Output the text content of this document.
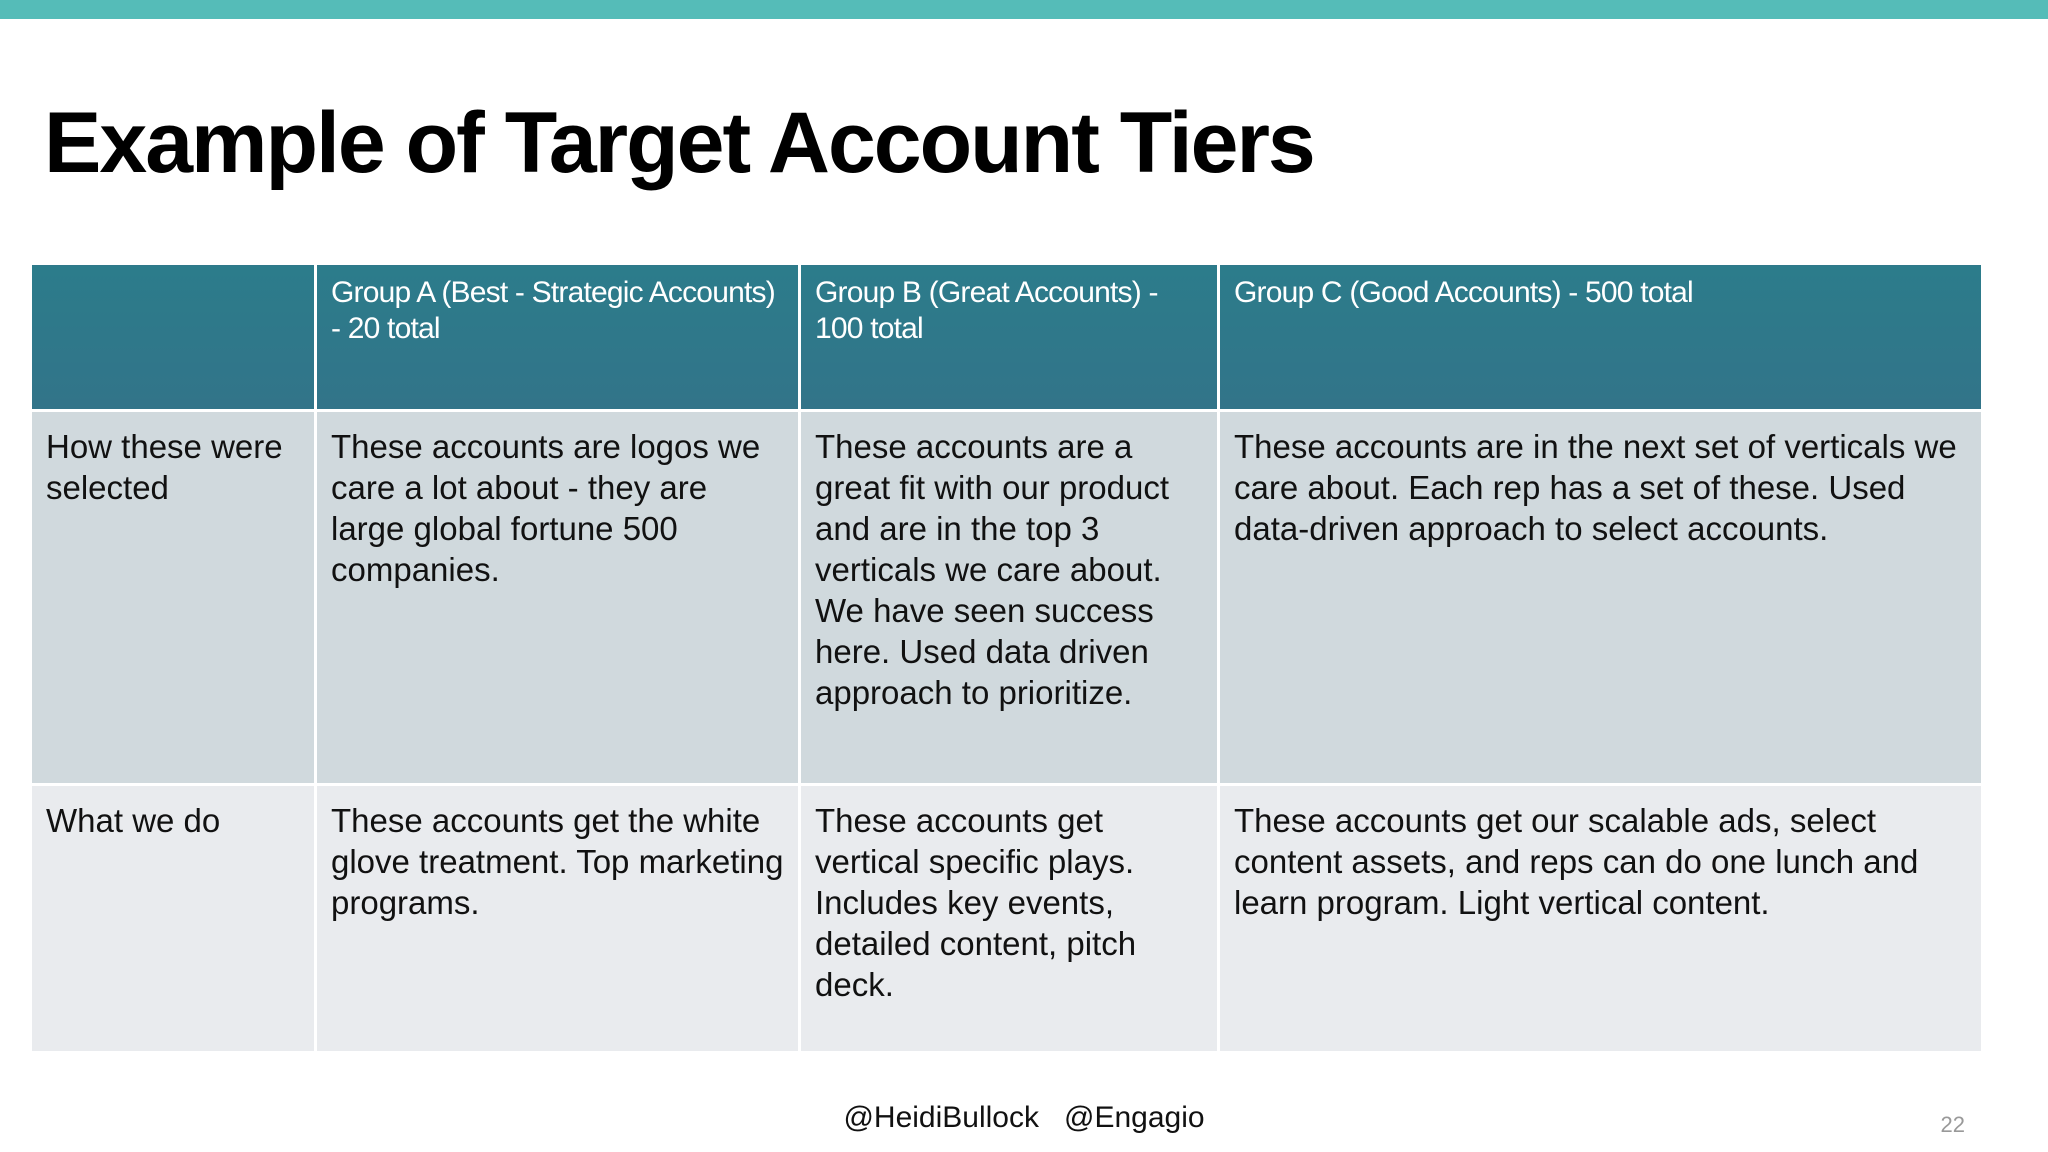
Example of Target Account Tiers
	Group A (Best - Strategic Accounts) - 20 total	Group B (Great Accounts) - 100 total	Group C (Good Accounts) - 500 total
How these were selected	These accounts are logos we care a lot about - they are large global fortune 500 companies.	These accounts are a great fit with our product and are in the top 3 verticals we care about. We have seen success here. Used data driven approach to prioritize.	These accounts are in the next set of verticals we care about. Each rep has a set of these. Used data-driven approach to select accounts.
What we do	These accounts get the white glove treatment. Top marketing programs.	These accounts get vertical specific plays. Includes key events, detailed content, pitch deck.	These accounts get our scalable ads, select content assets, and reps can do one lunch and learn program. Light vertical content.
@HeidiBullock   @Engagio	22
